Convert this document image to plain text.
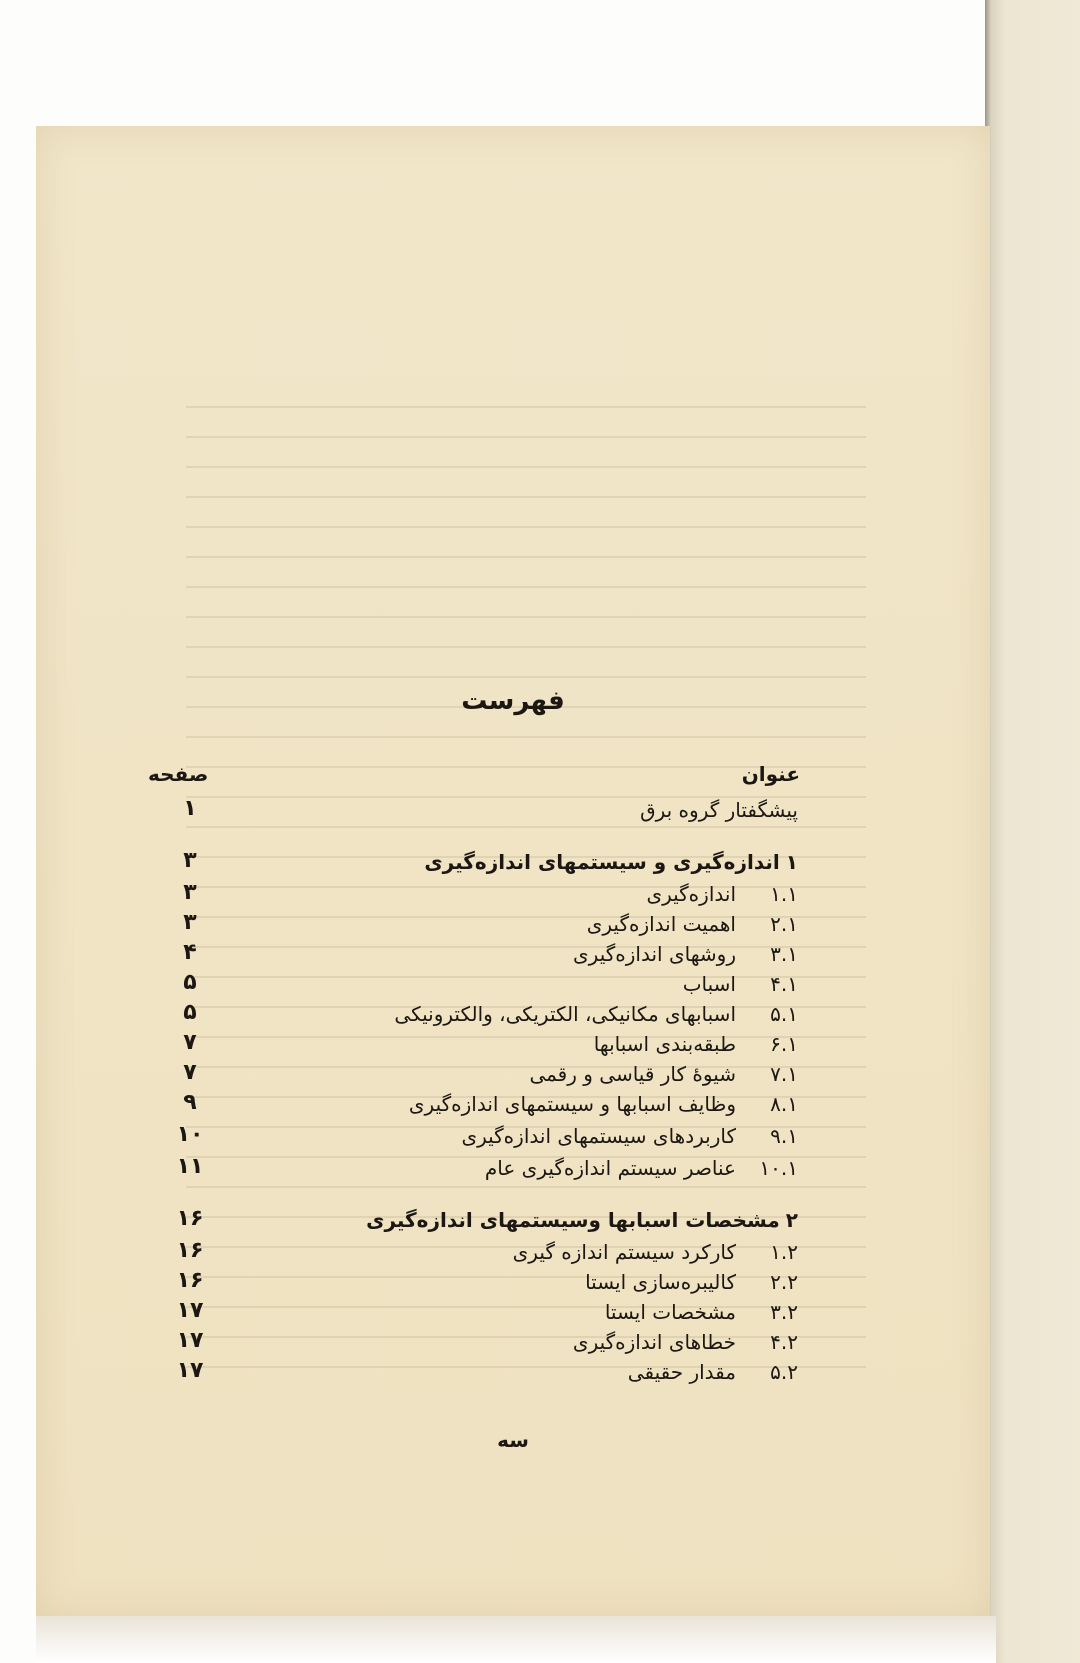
فهرست
عنوان
صفحه
پیشگفتار گروه برق
۱
۱اندازه‌گیری و سیستمهای اندازه‌گیری
۳
۱.۱اندازه‌گیری
۳
۲.۱اهمیت اندازه‌گیری
۳
۳.۱روشهای اندازه‌گیری
۴
۴.۱اسباب
۵
۵.۱اسبابهای مکانیکی، الکتریکی، والکترونیکی
۵
۶.۱طبقه‌بندی اسبابها
۷
۷.۱شیوهٔ کار قیاسی و رقمی
۷
۸.۱وظایف اسبابها و سیستمهای اندازه‌گیری
۹
۹.۱کاربردهای سیستمهای اندازه‌گیری
۱۰
۱۰.۱عناصر سیستم اندازه‌گیری عام
۱۱
۲مشخصات اسبابها وسیستمهای اندازه‌گیری
۱۶
۱.۲کارکرد سیستم اندازه گیری
۱۶
۲.۲کالیبره‌سازی ایستا
۱۶
۳.۲مشخصات ایستا
۱۷
۴.۲خطاهای اندازه‌گیری
۱۷
۵.۲مقدار حقیقی
۱۷
سه
